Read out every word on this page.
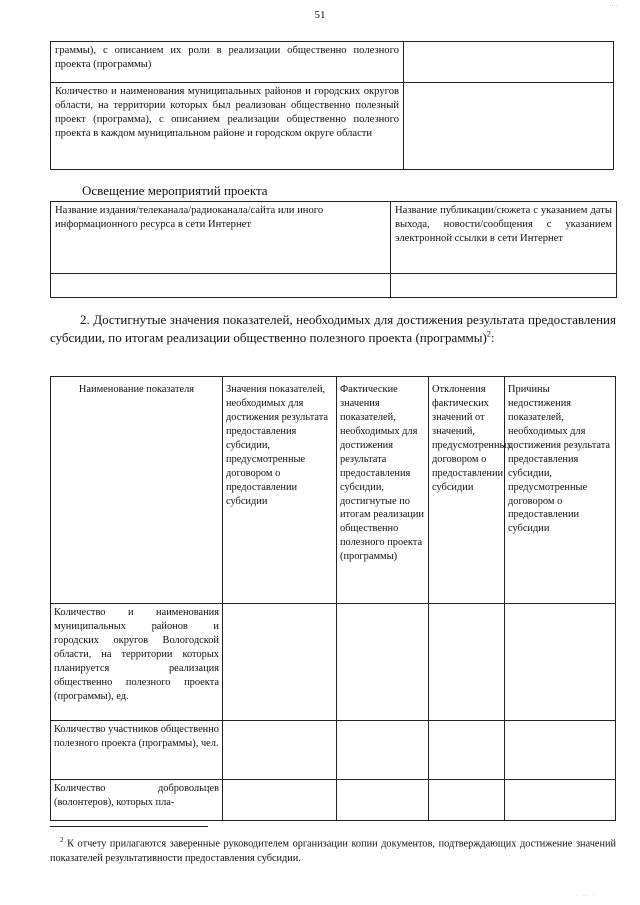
·· ·
51
граммы), с описанием их роли в реализации общественно полезного проекта (программы)	
Количество и наименования муниципальных районов и городских округов области, на территории которых был реализован общественно полезный проект (программа), с описанием реализации общественно полезного проекта в каждом муниципальном районе и городском округе области	
Освещение мероприятий проекта
Название издания/телеканала/радиоканала/сайта или иного информационного ресурса в сети Интернет	Название публикации/сюжета с указанием даты выхода, новости/сообщения с указанием электронной ссылки в сети Интернет

2. Достигнутые значения показателей, необходимых для достижения результата предоставления субсидии, по итогам реализации общественно полезного проекта (программы)$^2$:
Наименование показателя	Значения показателей, необходимых для достижения результата предоставления субсидии, предусмотренные договором о предоставлении субсидии	Фактические значения показателей, необходимых для достижения результата предоставления субсидии, достигнутые по итогам реализации общественно полезного проекта (программы)	Отклонения фактических значений от значений, предусмотренных договором о предоставлении субсидии	Причины недостижения показателей, необходимых для достижения результата предоставления субсидии, предусмотренные договором о предоставлении субсидии
Количество и наименования муниципальных районов и городских округов Вологодской области, на территории которых планируется реализация общественно полезного проекта (программы), ед.				
Количество участников общественно полезного проекта (программы), чел.				
Количество добровольцев (волонтеров), которых пла-				
$^2$ К отчету прилагаются заверенные руководителем организации копии документов, подтверждающих достижение значений показателей результативности предоставления субсидии.
· ··· ·
